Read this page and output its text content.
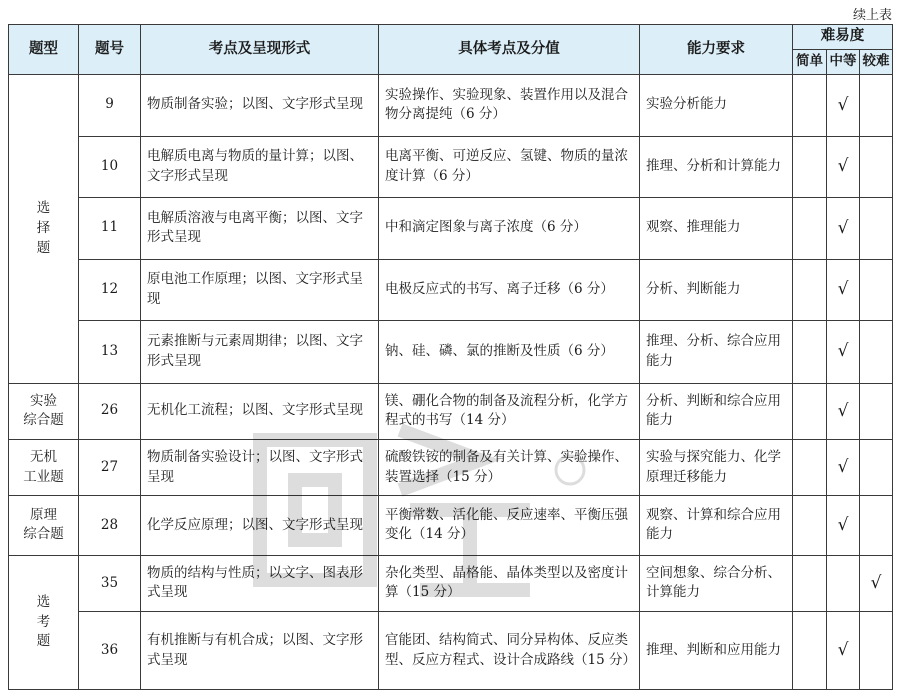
续上表
题型	题号	考点及呈现形式	具体考点及分值	能力要求	难易度		
					简单	中等	较难
选
择
题	9	物质制备实验；以图、文字形式呈现	实验操作、实验现象、装置作用以及混合物分离提纯（6 分）	实验分析能力		√	
	10	电解质电离与物质的量计算；以图、文字形式呈现	电离平衡、可逆反应、氢键、物质的量浓度计算（6 分）	推理、分析和计算能力		√	
	11	电解质溶液与电离平衡；以图、文字形式呈现	中和滴定图象与离子浓度（6 分）	观察、推理能力		√	
	12	原电池工作原理；以图、文字形式呈现	电极反应式的书写、离子迁移（6 分）	分析、判断能力		√	
	13	元素推断与元素周期律；以图、文字形式呈现	钠、硅、磷、氯的推断及性质（6 分）	推理、分析、综合应用能力		√	
实验
综合题	26	无机化工流程；以图、文字形式呈现	镁、硼化合物的制备及流程分析，化学方程式的书写（14 分）	分析、判断和综合应用能力		√	
无机
工业题	27	物质制备实验设计；以图、文字形式呈现	硫酸铁铵的制备及有关计算、实验操作、装置选择（15 分）	实验与探究能力、化学原理迁移能力		√	
原理
综合题	28	化学反应原理；以图、文字形式呈现	平衡常数、活化能、反应速率、平衡压强变化（14 分）	观察、计算和综合应用能力		√	
选
考
题	35	物质的结构与性质；以文字、图表形式呈现	杂化类型、晶格能、晶体类型以及密度计算（15 分）	空间想象、综合分析、计算能力			√
	36	有机推断与有机合成；以图、文字形式呈现	官能团、结构简式、同分异构体、反应类型、反应方程式、设计合成路线（15 分）	推理、判断和应用能力		√	
